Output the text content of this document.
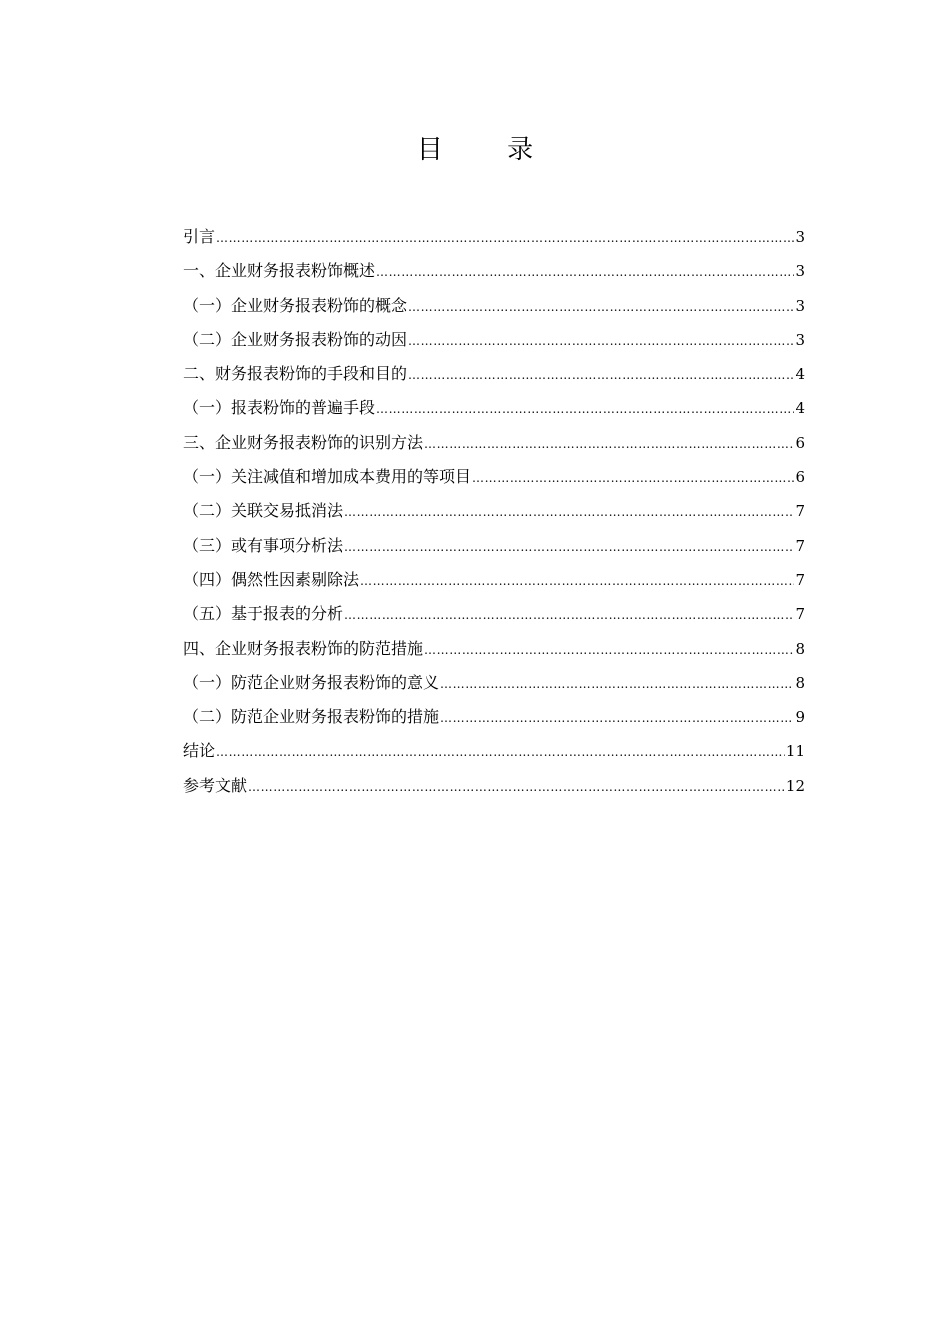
目 录
引言 ……………………………………………………………………………………………………………………………………………………………………………………………………………………………………	3
一、企业财务报表粉饰概述 ……………………………………………………………………………………………………………………………………………………………………………………………………………………………………	3
（一）企业财务报表粉饰的概念 ……………………………………………………………………………………………………………………………………………………………………………………………………………………………………	3
（二）企业财务报表粉饰的动因 ……………………………………………………………………………………………………………………………………………………………………………………………………………………………………	3
二、财务报表粉饰的手段和目的 ……………………………………………………………………………………………………………………………………………………………………………………………………………………………………	4
（一）报表粉饰的普遍手段 ……………………………………………………………………………………………………………………………………………………………………………………………………………………………………	4
三、企业财务报表粉饰的识别方法 ……………………………………………………………………………………………………………………………………………………………………………………………………………………………………	6
（一）关注减值和增加成本费用的等项目 ……………………………………………………………………………………………………………………………………………………………………………………………………………………………………	6
（二）关联交易抵消法 ……………………………………………………………………………………………………………………………………………………………………………………………………………………………………	7
（三）或有事项分析法 ……………………………………………………………………………………………………………………………………………………………………………………………………………………………………	7
（四）偶然性因素剔除法 ……………………………………………………………………………………………………………………………………………………………………………………………………………………………………	7
（五）基于报表的分析 ……………………………………………………………………………………………………………………………………………………………………………………………………………………………………	7
四、企业财务报表粉饰的防范措施 ……………………………………………………………………………………………………………………………………………………………………………………………………………………………………	8
（一）防范企业财务报表粉饰的意义 ……………………………………………………………………………………………………………………………………………………………………………………………………………………………………	8
（二）防范企业财务报表粉饰的措施 ……………………………………………………………………………………………………………………………………………………………………………………………………………………………………	9
结论 ……………………………………………………………………………………………………………………………………………………………………………………………………………………………………	11
参考文献 ……………………………………………………………………………………………………………………………………………………………………………………………………………………………………	12
